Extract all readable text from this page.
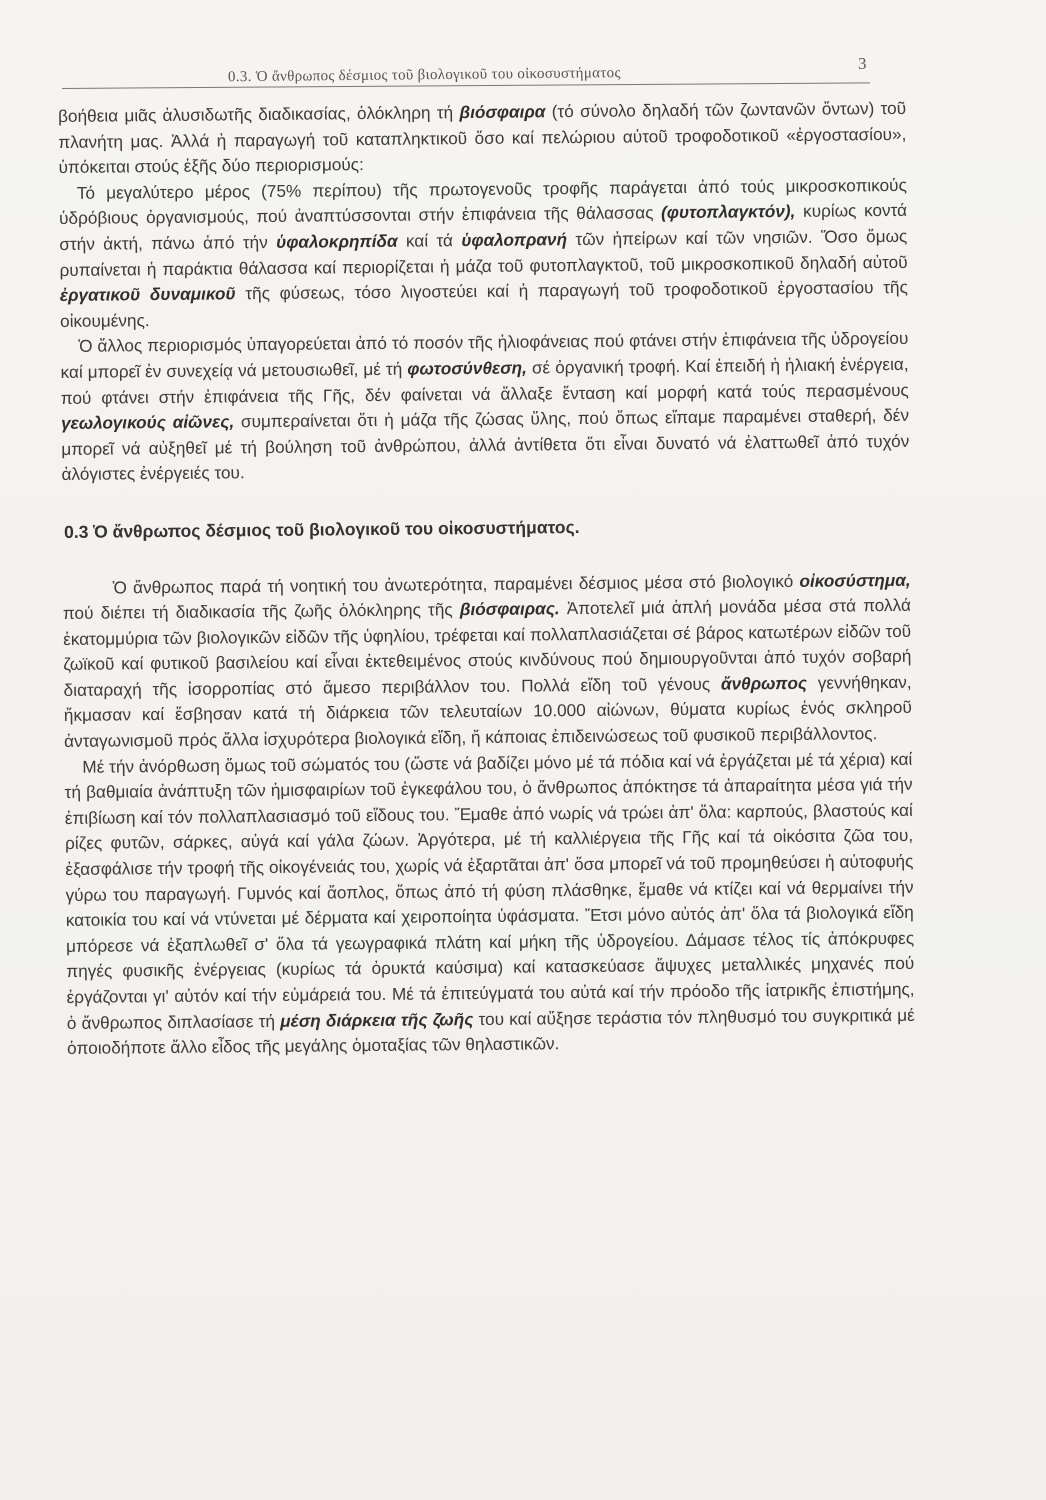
0.3. Ὁ ἄνθρωπος δέσμιος τοῦ βιολογικοῦ του οἰκοσυστήματος
3

βοήθεια μιᾶς ἀλυσιδωτῆς διαδικασίας, ὁλόκληρη τή βιόσφαιρα (τό σύνολο δηλαδή τῶν ζωντανῶν ὄντων) τοῦ πλανήτη μας. Ἀλλά ἡ παραγωγή τοῦ καταπληκτικοῦ ὅσο καί πελώριου αὐτοῦ τροφοδοτικοῦ «ἐργοστασίου», ὑπόκειται στούς ἑξῆς δύο περιορισμούς:

Τό μεγαλύτερο μέρος (75% περίπου) τῆς πρωτογενοῦς τροφῆς παράγεται ἀπό τούς μικροσκοπικούς ὑδρόβιους ὀργανισμούς, πού ἀναπτύσσονται στήν ἐπιφάνεια τῆς θάλασσας (φυτοπλαγκτόν), κυρίως κοντά στήν ἀκτή, πάνω ἀπό τήν ὑφαλοκρηπίδα καί τά ὑφαλοπρανή τῶν ἠπείρων καί τῶν νησιῶν. Ὅσο ὅμως ρυπαίνεται ἡ παράκτια θάλασσα καί περιορίζεται ἡ μάζα τοῦ φυτοπλαγκτοῦ, τοῦ μικροσκοπικοῦ δηλαδή αὐτοῦ ἐργατικοῦ δυναμικοῦ τῆς φύσεως, τόσο λιγοστεύει καί ἡ παραγωγή τοῦ τροφοδοτικοῦ ἐργοστασίου τῆς οἰκουμένης.

Ὁ ἄλλος περιορισμός ὑπαγορεύεται ἀπό τό ποσόν τῆς ἡλιοφάνειας πού φτάνει στήν ἐπιφάνεια τῆς ὑδρογείου καί μπορεῖ ἐν συνεχείᾳ νά μετουσιωθεῖ, μέ τή φωτοσύνθεση, σέ ὀργανική τροφή. Καί ἐπειδή ἡ ἡλιακή ἐνέργεια, πού φτάνει στήν ἐπιφάνεια τῆς Γῆς, δέν φαίνεται νά ἄλλαξε ἔνταση καί μορφή κατά τούς περασμένους γεωλογικούς αἰῶνες, συμπεραίνεται ὅτι ἡ μάζα τῆς ζώσας ὕλης, πού ὅπως εἴπαμε παραμένει σταθερή, δέν μπορεῖ νά αὐξηθεῖ μέ τή βούληση τοῦ ἀνθρώπου, ἀλλά ἀντίθετα ὅτι εἶναι δυνατό νά ἐλαττωθεῖ ἀπό τυχόν ἀλόγιστες ἐνέργειές του.

0.3 Ὁ ἄνθρωπος δέσμιος τοῦ βιολογικοῦ του οἰκοσυστήματος.

Ὁ ἄνθρωπος παρά τή νοητική του ἀνωτερότητα, παραμένει δέσμιος μέσα στό βιολογικό οἰκοσύστημα, πού διέπει τή διαδικασία τῆς ζωῆς ὁλόκληρης τῆς βιόσφαιρας. Ἀποτελεῖ μιά ἁπλή μονάδα μέσα στά πολλά ἑκατομμύρια τῶν βιολογικῶν εἰδῶν τῆς ὑφηλίου, τρέφεται καί πολλαπλασιάζεται σέ βάρος κατωτέρων εἰδῶν τοῦ ζωϊκοῦ καί φυτικοῦ βασιλείου καί εἶναι ἐκτεθειμένος στούς κινδύνους πού δημιουργοῦνται ἀπό τυχόν σοβαρή διαταραχή τῆς ἰσορροπίας στό ἄμεσο περιβάλλον του. Πολλά εἴδη τοῦ γένους ἄνθρωπος γεννήθηκαν, ἤκμασαν καί ἔσβησαν κατά τή διάρκεια τῶν τελευταίων 10.000 αἰώνων, θύματα κυρίως ἑνός σκληροῦ ἀνταγωνισμοῦ πρός ἄλλα ἰσχυρότερα βιολογικά εἴδη, ἤ κάποιας ἐπιδεινώσεως τοῦ φυσικοῦ περιβάλλοντος.

Μέ τήν ἀνόρθωση ὅμως τοῦ σώματός του (ὥστε νά βαδίζει μόνο μέ τά πόδια καί νά ἐργάζεται μέ τά χέρια) καί τή βαθμιαία ἀνάπτυξη τῶν ἡμισφαιρίων τοῦ ἐγκεφάλου του, ὁ ἄνθρωπος ἀπόκτησε τά ἀπαραίτητα μέσα γιά τήν ἐπιβίωση καί τόν πολλαπλασιασμό τοῦ εἴδους του. Ἔμαθε ἀπό νωρίς νά τρώει ἀπ' ὅλα: καρπούς, βλαστούς καί ρίζες φυτῶν, σάρκες, αὐγά καί γάλα ζώων. Ἀργότερα, μέ τή καλλιέργεια τῆς Γῆς καί τά οἰκόσιτα ζῶα του, ἐξασφάλισε τήν τροφή τῆς οἰκογένειάς του, χωρίς νά ἐξαρτᾶται ἀπ' ὅσα μπορεῖ νά τοῦ προμηθεύσει ἡ αὐτοφυής γύρω του παραγωγή. Γυμνός καί ἄοπλος, ὅπως ἀπό τή φύση πλάσθηκε, ἔμαθε νά κτίζει καί νά θερμαίνει τήν κατοικία του καί νά ντύνεται μέ δέρματα καί χειροποίητα ὑφάσματα. Ἔτσι μόνο αὐτός ἀπ' ὅλα τά βιολογικά εἴδη μπόρεσε νά ἐξαπλωθεῖ σ' ὅλα τά γεωγραφικά πλάτη καί μήκη τῆς ὑδρογείου. Δάμασε τέλος τίς ἀπόκρυφες πηγές φυσικῆς ἐνέργειας (κυρίως τά ὀρυκτά καύσιμα) καί κατασκεύασε ἄψυχες μεταλλικές μηχανές πού ἐργάζονται γι' αὐτόν καί τήν εὐμάρειά του. Μέ τά ἐπιτεύγματά του αὐτά καί τήν πρόοδο τῆς ἰατρικῆς ἐπιστήμης, ὁ ἄνθρωπος διπλασίασε τή μέση διάρκεια τῆς ζωῆς του καί αὔξησε τεράστια τόν πληθυσμό του συγκριτικά μέ ὁποιοδήποτε ἄλλο εἶδος τῆς μεγάλης ὁμοταξίας τῶν θηλαστικῶν.
